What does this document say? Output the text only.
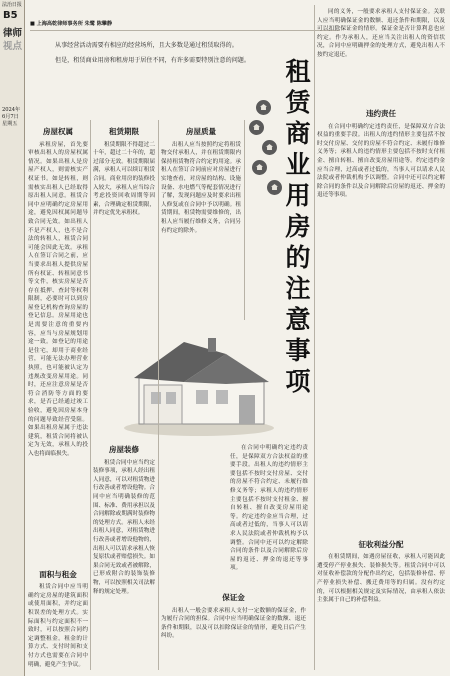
法治日报
B5
律师
视点
2024年
6月7日
星期五
■ 上海高乾律师事务所 朱鹭 陈攀静

从事经营活动需要有相应的经营场所，且大多数是通过租赁取得的。

但是，租赁商业用房和租房用于居住不同，有许多需要特别注意的问题。	租赁商业用房的注意事项
房屋权属

承租房屋，首先要审核出租人的房屋权属情况。如果出租人是房屋产权人，则需核实产权证书。如是转租，则需核实出租人已经取得原出租人同意。租赁合同中应明确约定房屋用途，避免因权属问题导致合同无效。如出租人不是产权人，也不是合法的转租人，租赁合同可能会因此无效。承租人在签订合同之前，应当要求出租人提供房屋所有权证、转租同意书等文件，核实房屋是否存在抵押、查封等权利限制，必要时可以到房屋登记机构查询房屋的登记信息。房屋用途也是需要注意的重要内容，应当与房屋规划用途一致。如登记的用途是住宅，却用于商业经营，可能无法办理营业执照，也可能被认定为违规改变房屋用途。同时，还应注意房屋是否符合消防等方面的要求，是否已经通过竣工验收，避免因房屋本身的问题导致经营受阻。如果出租房屋属于违法建筑，租赁合同将被认定为无效，承租人的投入也将面临损失。

面积与租金

租赁合同中应当明确约定房屋的建筑面积或使用面积，并约定面积误差的处理方式。实际面积与约定面积不一致时，可以按照合同约定调整租金。租金的计算方式、支付时间和支付方式也需要在合同中明确，避免产生争议。

租赁期限

租赁期限不得超过二十年，超过二十年的，超过部分无效。租赁期限届满，承租人可以续订租赁合同。商业用房的装修投入较大，承租人应当综合考虑投资回收周期等因素，合理确定租赁期限，并约定优先承租权。

房屋装修

租赁合同中应当约定装修事项，承租人经出租人同意，可以对租赁物进行改善或者增设他物。合同中应当明确装修的范围、标准、费用承担以及合同解除或期满时装修物的处理方式。承租人未经出租人同意，对租赁物进行改善或者增设他物的，出租人可以请求承租人恢复原状或者赔偿损失。如果合同无效或者被解除，已形成附合的装饰装修物，可以按照相关司法解释的规定处理。

房屋质量

出租人应当按照约定将租赁物交付承租人，并在租赁期限内保持租赁物符合约定的用途。承租人在签订合同前应对房屋进行实地查看，对房屋的结构、设施设备、水电燃气等配套情况进行了解，发现问题应及时要求出租人修复或在合同中予以明确。租赁期间，租赁物需要维修的，出租人应当履行维修义务，合同另有约定的除外。

保证金

出租人一般会要求承租人支付一定数额的保证金，作为履行合同的担保。合同中应当明确保证金的数额、退还条件和期限，以及可以扣除保证金的情形，避免日后产生纠纷。

在合同中明确约定违约责任，是保障双方合法权益的重要手段。出租人的违约情形主要包括不按时交付房屋、交付的房屋不符合约定、未履行维修义务等；承租人的违约情形主要包括不按时支付租金、擅自转租、擅自改变房屋用途等。约定违约金应当合理，过高或者过低的，当事人可以请求人民法院或者仲裁机构予以调整。合同中还可以约定解除合同的条件以及合同解除后房屋的返还、押金的退还等事项。

同的义务，一般要求承租人支付保证金。关联人应当明确保证金的数额、退还条件和期限，以及可以扣除保证金的情形。保证金是否计算利息也应约定。作为承租人，还应当关注出租人的资信状况，合同中应明确押金的处理方式，避免出租人不按约定退还。

违约责任

在合同中明确约定违约责任，是保障双方合法权益的重要手段。出租人的违约情形主要包括不按时交付房屋、交付的房屋不符合约定、未履行维修义务等；承租人的违约情形主要包括不按时支付租金、擅自转租、擅自改变房屋用途等。约定违约金应当合理，过高或者过低的，当事人可以请求人民法院或者仲裁机构予以调整。合同中还可以约定解除合同的条件以及合同解除后房屋的返还、押金的退还等事项。

征收利益分配

在租赁期间，如遇房屋征收，承租人可能因此遭受停产停业损失、装修损失等。租赁合同中可以对征收补偿款的分配作出约定，包括装修补偿、停产停业损失补偿、搬迁费用等的归属。没有约定的，可以根据相关规定及实际情况，由承租人依法主张属于自己的补偿利益。
